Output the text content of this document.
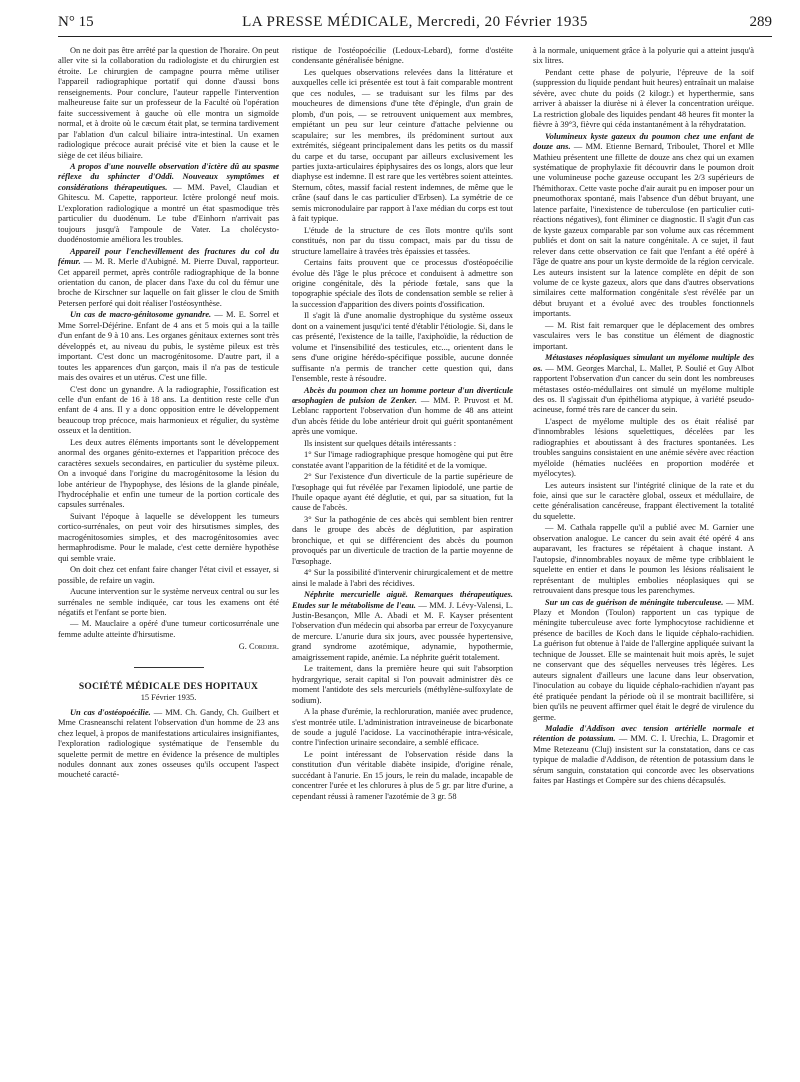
N° 15	LA PRESSE MÉDICALE, Mercredi, 20 Février 1935	289

On ne doit pas être arrêté par la question de l'horaire. On peut aller vite si la collaboration du radiologiste et du chirurgien est étroite. Le chirurgien de campagne pourra même utiliser l'appareil radiographique portatif qui donne d'aussi bons renseignements. Pour conclure, l'auteur rappelle l'intervention malheureuse faite sur un professeur de la Faculté où l'opération faite successivement à gauche où elle montra un sigmoïde normal, et à droite où le cæcum était plat, se termina tardivement par l'ablation d'un calcul biliaire intra-intestinal. Un examen radiologique précoce aurait précisé vite et bien la cause et le siège de cet iléus biliaire.

A propos d'une nouvelle observation d'ictère dû au spasme réflexe du sphincter d'Oddi. Nouveaux symptômes et considérations thérapeutiques. — MM. Pavel, Claudian et Ghitescu. M. Capette, rapporteur. Ictère prolongé neuf mois. L'exploration radiologique a montré un état spasmodique très particulier du duodénum. Le tube d'Einhorn n'arrivait pas toujours jusqu'à l'ampoule de Vater. La cholécysto-duodénostomie améliora les troubles.

Appareil pour l'enchevillement des fractures du col du fémur. — M. R. Merle d'Aubigné. M. Pierre Duval, rapporteur. Cet appareil permet, après contrôle radiographique de la bonne orientation du canon, de placer dans l'axe du col du fémur une broche de Kirschner sur laquelle on fait glisser le clou de Smith Petersen perforé qui doit réaliser l'ostéosynthèse.

Un cas de macro-génitosome gynandre. — M. E. Sorrel et Mme Sorrel-Déjérine. Enfant de 4 ans et 5 mois qui a la taille d'un enfant de 9 à 10 ans. Les organes génitaux externes sont très développés et, au niveau du pubis, le système pileux est très important. C'est donc un macrogénitosome. D'autre part, il a toutes les apparences d'un garçon, mais il n'a pas de testicule mais des ovaires et un utérus. C'est une fille.

C'est donc un gynandre. A la radiographie, l'ossification est celle d'un enfant de 16 à 18 ans. La dentition reste celle d'un enfant de 4 ans. Il y a donc opposition entre le développement beaucoup trop précoce, mais harmonieux et régulier, du système osseux et la dentition.

Les deux autres éléments importants sont le développement anormal des organes génito-externes et l'apparition précoce des caractères sexuels secondaires, en particulier du système pileux. On a invoqué dans l'origine du macrogénitosome la lésion du lobe antérieur de l'hypophyse, des lésions de la glande pinéale, l'hydrocéphalie et enfin une tumeur de la portion corticale des capsules surrénales.

Suivant l'époque à laquelle se développent les tumeurs cortico-surrénales, on peut voir des hirsutismes simples, des macrogénitosomies simples, et des macrogénitosomies avec hermaphrodisme. Pour le malade, c'est cette dernière hypothèse qui semble vraie.

On doit chez cet enfant faire changer l'état civil et essayer, si possible, de refaire un vagin.

Aucune intervention sur le système nerveux central ou sur les surrénales ne semble indiquée, car tous les examens ont été négatifs et l'enfant se porte bien.

— M. Mauclaire a opéré d'une tumeur corticosurrénale une femme adulte atteinte d'hirsutisme.

G. Cordier.
SOCIÉTÉ MÉDICALE DES HOPITAUX
15 Février 1935.

Un cas d'ostéopoécilie. — MM. Ch. Gandy, Ch. Guilbert et Mme Crasneanschi relatent l'observation d'un homme de 23 ans chez lequel, à propos de manifestations articulaires insignifiantes, l'exploration radiologique systématique de l'ensemble du squelette permit de mettre en évidence la présence de multiples nodules donnant aux zones osseuses qu'ils occupent l'aspect moucheté caracté-

ristique de l'ostéopoécilie (Ledoux-Lebard), forme d'ostéite condensante généralisée bénigne.

Les quelques observations relevées dans la littérature et auxquelles celle ici présentée est tout à fait comparable montrent que ces nodules, — se traduisant sur les films par des moucheures de dimensions d'une tête d'épingle, d'un grain de plomb, d'un pois, — se retrouvent uniquement aux membres, empiétant un peu sur leur ceinture d'attache pelvienne ou scapulaire; sur les membres, ils prédominent surtout aux extrémités, siégeant principalement dans les petits os du massif du carpe et du tarse, occupant par ailleurs exclusivement les parties juxta-articulaires épiphysaires des os longs, alors que leur diaphyse est indemne. Il est rare que les vertèbres soient atteintes. Sternum, côtes, massif facial restent indemnes, de même que le crâne (sauf dans le cas particulier d'Erbsen). La symétrie de ce semis micronodulaire par rapport à l'axe médian du corps est tout à fait typique.

L'étude de la structure de ces îlots montre qu'ils sont constitués, non par du tissu compact, mais par du tissu de structure lamellaire à travées très épaissies et tassées.

Certains faits prouvent que ce processus d'ostéopoécilie évolue dès l'âge le plus précoce et conduisent à admettre son origine congénitale, dès la période fœtale, sans que la topographie spéciale des îlots de condensation semble se relier à la succession d'apparition des divers points d'ossification.

Il s'agit là d'une anomalie dystrophique du système osseux dont on a vainement jusqu'ici tenté d'établir l'étiologie. Si, dans le cas présenté, l'existence de la taille, l'axiphoïdie, la réduction de volume et l'insensibilité des testicules, etc..., orientent dans le sens d'une origine hérédo-spécifique possible, aucune donnée suffisante n'a permis de trancher cette question qui, dans l'ensemble, reste à résoudre.

Abcès du poumon chez un homme porteur d'un diverticule œsophagien de pulsion de Zenker. — MM. P. Pruvost et M. Leblanc rapportent l'observation d'un homme de 48 ans atteint d'un abcès fétide du lobe antérieur droit qui guérit spontanément après une vomique.

Ils insistent sur quelques détails intéressants :

1° Sur l'image radiographique presque homogène qui put être constatée avant l'apparition de la fétidité et de la vomique.

2° Sur l'existence d'un diverticule de la partie supérieure de l'œsophage qui fut révélée par l'examen lipiodolé, une partie de l'huile opaque ayant été déglutie, et qui, par sa situation, fut la cause de l'abcès.

3° Sur la pathogénie de ces abcès qui semblent bien rentrer dans le groupe des abcès de déglutition, par aspiration bronchique, et qui se différencient des abcès du poumon provoqués par un diverticule de traction de la partie moyenne de l'œsophage.

4° Sur la possibilité d'intervenir chirurgicalement et de mettre ainsi le malade à l'abri des récidives.

Néphrite mercurielle aiguë. Remarques thérapeutiques. Etudes sur le métabolisme de l'eau. — MM. J. Lévy-Valensi, L. Justin-Besançon, Mlle A. Abadi et M. F. Kayser présentent l'observation d'un médecin qui absorba par erreur de l'oxycyanure de mercure. L'anurie dura six jours, avec poussée hypertensive, grand syndrome azotémique, adynamie, hypothermie, amaigrissement rapide, anémie. La néphrite guérit totalement.

Le traitement, dans la première heure qui suit l'absorption hydrargyrique, serait capital si l'on pouvait administrer dès ce moment l'antidote des sels mercuriels (méthylène-sulfoxylate de sodium).

A la phase d'urémie, la rechloruration, maniée avec prudence, s'est montrée utile. L'administration intraveineuse de bicarbonate de soude a jugulé l'acidose. La vaccinothérapie intra-vésicale, contre l'infection urinaire secondaire, a semblé efficace.

Le point intéressant de l'observation réside dans la constitution d'un véritable diabète insipide, d'origine rénale, succédant à l'anurie. En 15 jours, le rein du malade, incapable de concentrer l'urée et les chlorures à plus de 5 gr. par litre d'urine, a cependant réussi à ramener l'azotémie de 3 gr. 58

à la normale, uniquement grâce à la polyurie qui a atteint jusqu'à six litres.

Pendant cette phase de polyurie, l'épreuve de la soif (suppression du liquide pendant huit heures) entraînait un malaise sévère, avec chute du poids (2 kilogr.) et hyperthermie, sans arriver à abaisser la diurèse ni à élever la concentration uréique. La restriction globale des liquides pendant 48 heures fit monter la fièvre à 39°3, fièvre qui céda instantanément à la réhydratation.

Volumineux kyste gazeux du poumon chez une enfant de douze ans. — MM. Etienne Bernard, Triboulet, Thorel et Mlle Mathieu présentent une fillette de douze ans chez qui un examen systématique de prophylaxie fit découvrir dans le poumon droit une volumineuse poche gazeuse occupant les 2/3 supérieurs de l'hémithorax. Cette vaste poche d'air aurait pu en imposer pour un pneumothorax spontané, mais l'absence d'un début bruyant, une latence parfaite, l'inexistence de tuberculose (en particulier cuti-réactions négatives), font éliminer ce diagnostic. Il s'agit d'un cas de kyste gazeux comparable par son volume aux cas récemment publiés et dont on sait la nature congénitale. A ce sujet, il faut relever dans cette observation ce fait que l'enfant a été opéré à l'âge de quatre ans pour un kyste dermoïde de la région cervicale. Les auteurs insistent sur la latence complète en dépit de son volume de ce kyste gazeux, alors que dans d'autres observations similaires cette malformation congénitale s'est révélée par un début bruyant et a évolué avec des troubles fonctionnels importants.

— M. Rist fait remarquer que le déplacement des ombres vasculaires vers le bas constitue un élément de diagnostic important.

Métastases néoplasiques simulant un myélome multiple des os. — MM. Georges Marchal, L. Mallet, P. Soulié et Guy Albot rapportent l'observation d'un cancer du sein dont les nombreuses métastases ostéo-médullaires ont simulé un myélome multiple des os. Il s'agissait d'un épithélioma atypique, à variété pseudo-acineuse, formé très rare de cancer du sein.

L'aspect de myélome multiple des os était réalisé par d'innombrables lésions squelettiques, décelées par les radiographies et aboutissant à des fractures spontanées. Les troubles sanguins consistaient en une anémie sévère avec réaction myéloïde (hématies nucléées en proportion modérée et myélocytes).

Les auteurs insistent sur l'intégrité clinique de la rate et du foie, ainsi que sur le caractère global, osseux et médullaire, de cette généralisation cancéreuse, frappant électivement la totalité du squelette.

— M. Cathala rappelle qu'il a publié avec M. Garnier une observation analogue. Le cancer du sein avait été opéré 4 ans auparavant, les fractures se répétaient à chaque instant. A l'autopsie, d'innombrables noyaux de même type cribblaient le squelette en entier et dans le poumon les lésions réalisaient le représentant de multiples embolies néoplasiques qui se retrouvaient dans presque tous les parenchymes.

Sur un cas de guérison de méningite tuberculeuse. — MM. Plazy et Mondon (Toulon) rapportent un cas typique de méningite tuberculeuse avec forte lymphocytose rachidienne et présence de bacilles de Koch dans le liquide céphalo-rachidien. La guérison fut obtenue à l'aide de l'allergine appliquée suivant la technique de Jousset. Elle se maintenait huit mois après, le sujet ne conservant que des séquelles nerveuses très légères. Les auteurs signalent d'ailleurs une lacune dans leur observation, l'inoculation au cobaye du liquide céphalo-rachidien n'ayant pas été pratiquée pendant la période où il se montrait bacillifère, si bien qu'ils ne peuvent affirmer quel était le degré de virulence du germe.

Maladie d'Addison avec tension artérielle normale et rétention de potassium. — MM. C. I. Urechia, L. Dragomir et Mme Retezeanu (Cluj) insistent sur la constatation, dans ce cas typique de maladie d'Addison, de rétention de potassium dans le sérum sanguin, constatation qui concorde avec les observations faites par Hastings et Compère sur des chiens décapsulés.
